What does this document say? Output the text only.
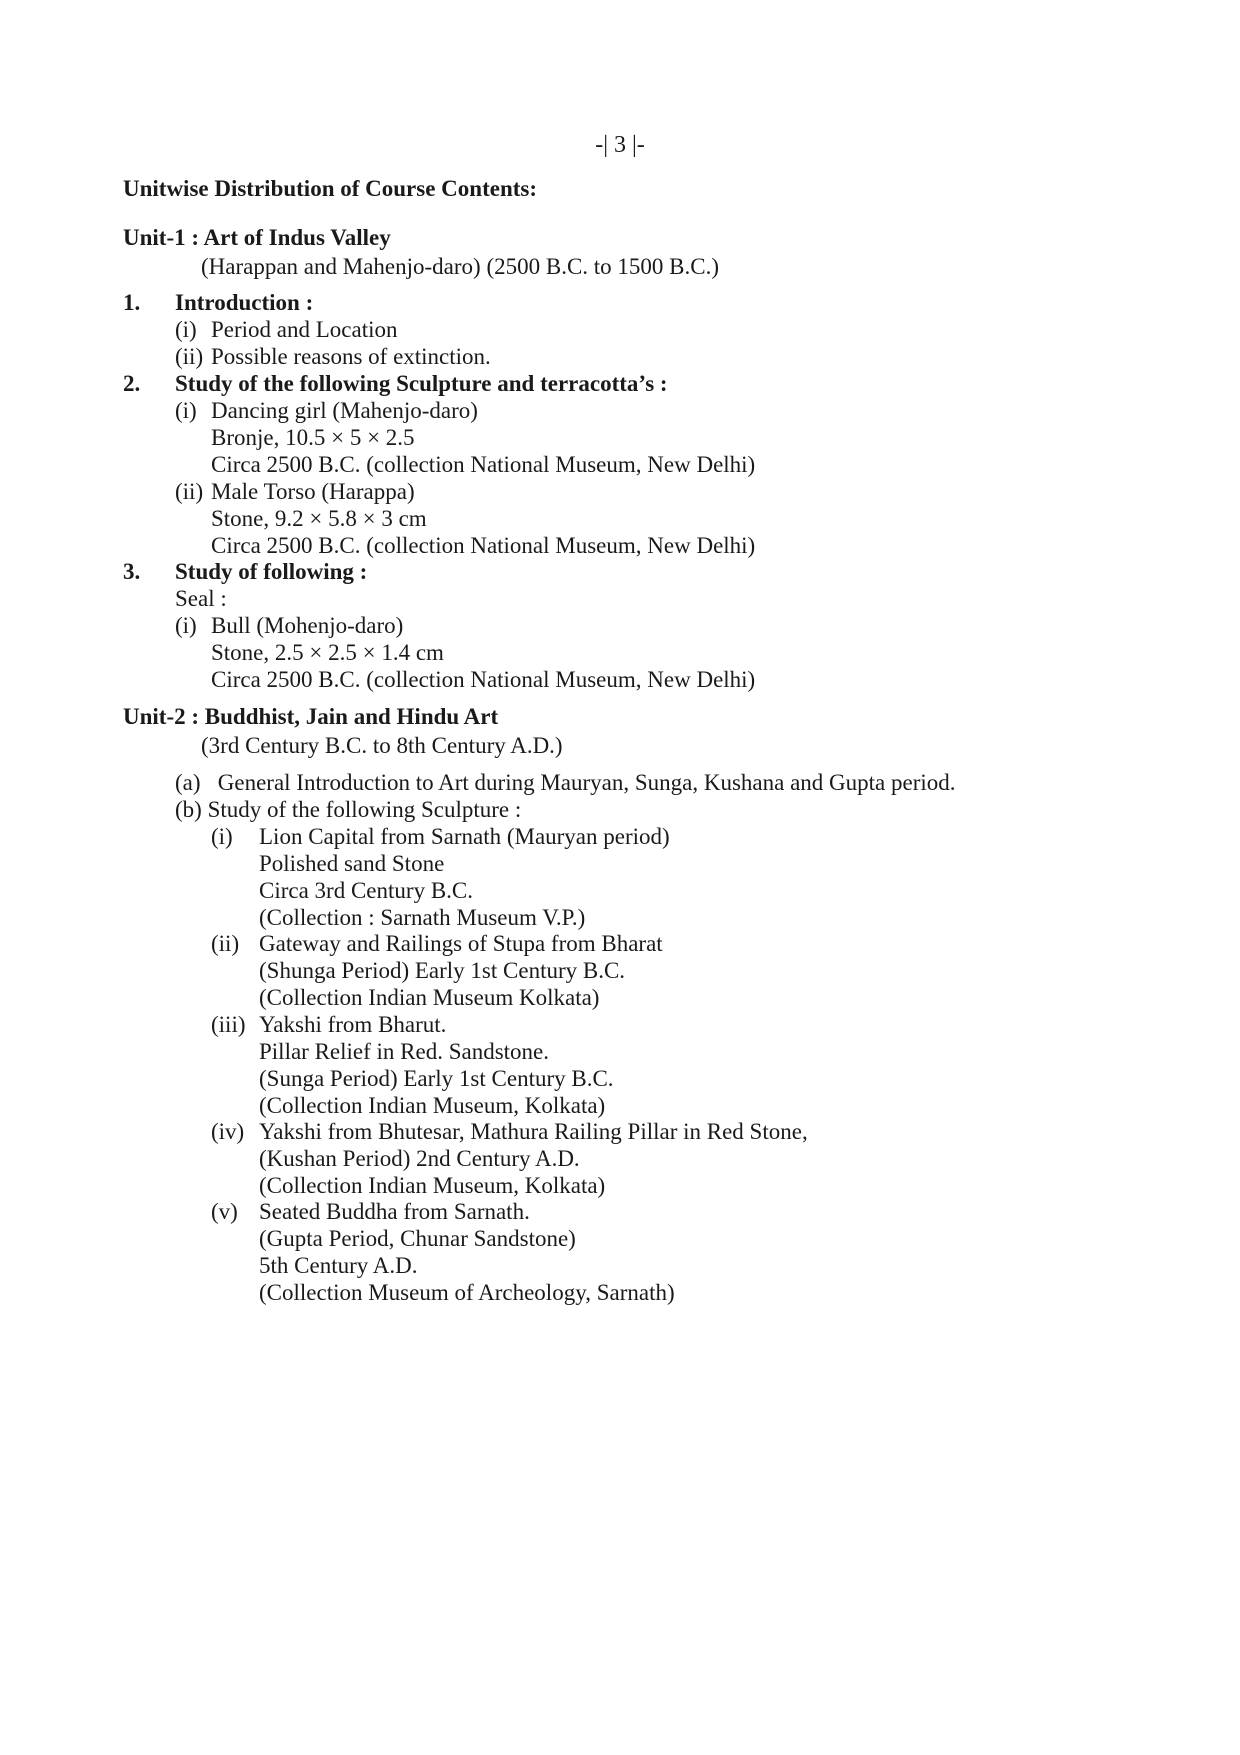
-| 3 |-
Unitwise Distribution of Course Contents:
Unit-1 : Art of Indus Valley
(Harappan and Mahenjo-daro) (2500 B.C. to 1500 B.C.)
1. Introduction :
(i) Period and Location
(ii) Possible reasons of extinction.
2. Study of the following Sculpture and terracotta’s :
(i) Dancing girl (Mahenjo-daro)
Bronje, 10.5 × 5 × 2.5
Circa 2500 B.C. (collection National Museum, New Delhi)
(ii) Male Torso (Harappa)
Stone, 9.2 × 5.8 × 3 cm
Circa 2500 B.C. (collection National Museum, New Delhi)
3. Study of following :
Seal :
(i) Bull (Mohenjo-daro)
Stone, 2.5 × 2.5 × 1.4 cm
Circa 2500 B.C. (collection National Museum, New Delhi)
Unit-2 : Buddhist, Jain and Hindu Art
(3rd Century B.C. to 8th Century A.D.)
(a)   General Introduction to Art during Mauryan, Sunga, Kushana and Gupta period.
(b) Study of the following Sculpture :
(i) Lion Capital from Sarnath (Mauryan period)
Polished sand Stone
Circa 3rd Century B.C.
(Collection : Sarnath Museum V.P.)
(ii) Gateway and Railings of Stupa from Bharat
(Shunga Period) Early 1st Century B.C.
(Collection Indian Museum Kolkata)
(iii) Yakshi from Bharut.
Pillar Relief in Red. Sandstone.
(Sunga Period) Early 1st Century B.C.
(Collection Indian Museum, Kolkata)
(iv) Yakshi from Bhutesar, Mathura Railing Pillar in Red Stone,
(Kushan Period) 2nd Century A.D.
(Collection Indian Museum, Kolkata)
(v) Seated Buddha from Sarnath.
(Gupta Period, Chunar Sandstone)
5th Century A.D.
(Collection Museum of Archeology, Sarnath)
